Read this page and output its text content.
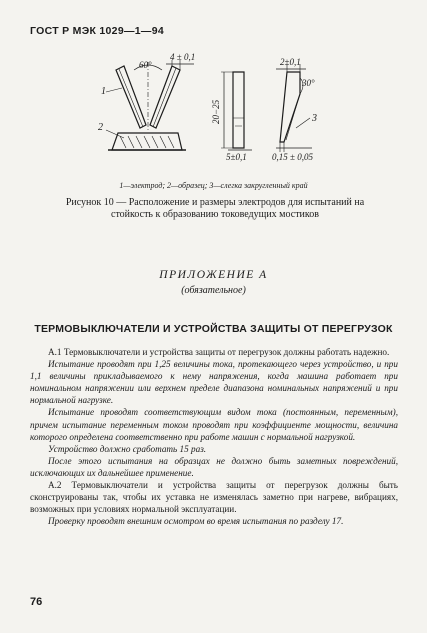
ГОСТ Р МЭК 1029—1—94
60°
4 ± 0,1
1
2
20−25
5±0,1
2±0,1
30°
3
0,15 ± 0,05
1—электрод; 2—образец; 3—слегка закругленный край
Рисунок 10 — Расположение и размеры электродов для испытаний на стойкость к образованию токоведущих мостиков
ПРИЛОЖЕНИЕ А
(обязательное)
ТЕРМОВЫКЛЮЧАТЕЛИ И УСТРОЙСТВА ЗАЩИТЫ ОТ ПЕРЕГРУЗОК

А.1 Термовыключатели и устройства защиты от перегрузок должны работать надежно.

Испытание проводят при 1,25 величины тока, протекающего через устройство, и при 1,1 величины прикладываемого к нему напряжения, когда машина работает при номинальном напряжении или верхнем пределе диапазона номинальных напряжений и при нормальной нагрузке.

Испытание проводят соответствующим видом тока (постоянным, переменным), причем испытание переменным током проводят при коэффициенте мощности, величина которого определена соответственно при работе машин с нормальной нагрузкой.

Устройство должно сработать 15 раз.

После этого испытания на образцах не должно быть заметных повреждений, исключающих их дальнейшее применение.

А.2 Термовыключатели и устройства защиты от перегрузок должны быть сконструированы так, чтобы их уставка не изменялась заметно при нагреве, вибрациях, возможных при условиях нормальной эксплуатации.

Проверку проводят внешним осмотром во время испытания по разделу 17.

76
